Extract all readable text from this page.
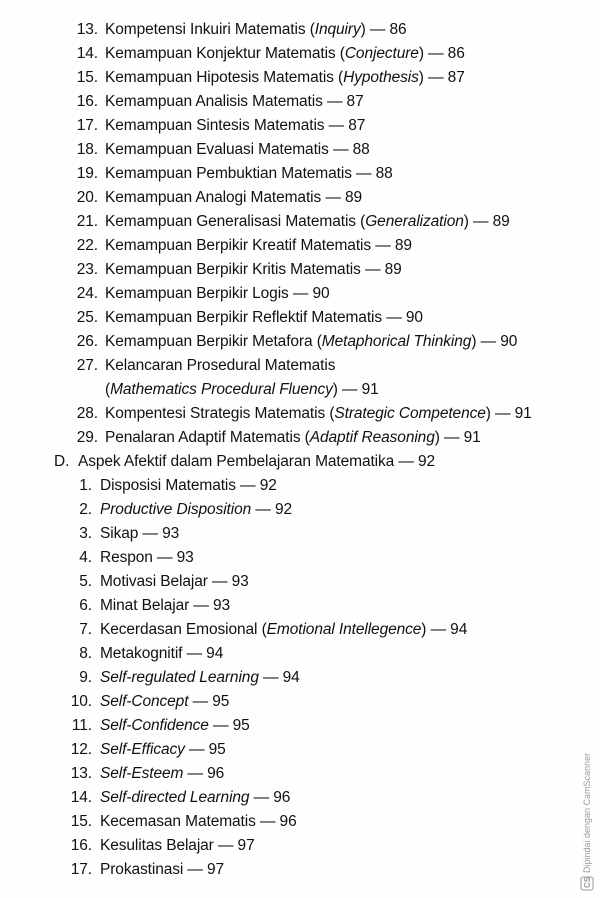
13. Kompetensi Inkuiri Matematis (Inquiry) — 86
14. Kemampuan Konjektur Matematis (Conjecture) — 86
15. Kemampuan Hipotesis Matematis (Hypothesis) — 87
16. Kemampuan Analisis Matematis — 87
17. Kemampuan Sintesis Matematis — 87
18. Kemampuan Evaluasi Matematis — 88
19. Kemampuan Pembuktian Matematis — 88
20. Kemampuan Analogi Matematis — 89
21. Kemampuan Generalisasi Matematis (Generalization) — 89
22. Kemampuan Berpikir Kreatif Matematis — 89
23. Kemampuan Berpikir Kritis Matematis — 89
24. Kemampuan Berpikir Logis — 90
25. Kemampuan Berpikir Reflektif Matematis — 90
26. Kemampuan Berpikir Metafora (Metaphorical Thinking) — 90
27. Kelancaran Prosedural Matematis
(Mathematics Procedural Fluency) — 91
28. Kompentesi Strategis Matematis (Strategic Competence) — 91
29. Penalaran Adaptif Matematis (Adaptif Reasoning) — 91
D. Aspek Afektif dalam Pembelajaran Matematika — 92
1. Disposisi Matematis — 92
2. Productive Disposition — 92
3. Sikap — 93
4. Respon — 93
5. Motivasi Belajar — 93
6. Minat Belajar — 93
7. Kecerdasan Emosional (Emotional Intellegence) — 94
8. Metakognitif — 94
9. Self-regulated Learning — 94
10. Self-Concept — 95
11. Self-Confidence — 95
12. Self-Efficacy — 95
13. Self-Esteem — 96
14. Self-directed Learning — 96
15. Kecemasan Matematis — 96
16. Kesulitas Belajar — 97
17. Prokastinasi — 97
CS
Dipindai dengan CamScanner
